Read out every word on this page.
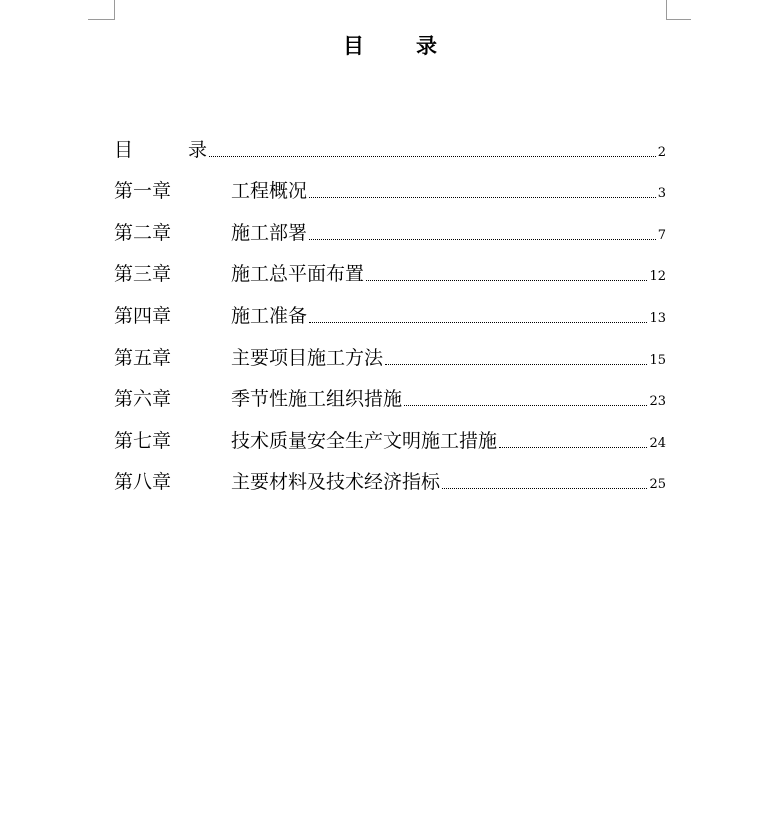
目 录
目	录	2
第一章	工程概况	3
第二章	施工部署	7
第三章	施工总平面布置	12
第四章	施工准备	13
第五章	主要项目施工方法	15
第六章	季节性施工组织措施	23
第七章	技术质量安全生产文明施工措施	24
第八章	主要材料及技术经济指标	25
